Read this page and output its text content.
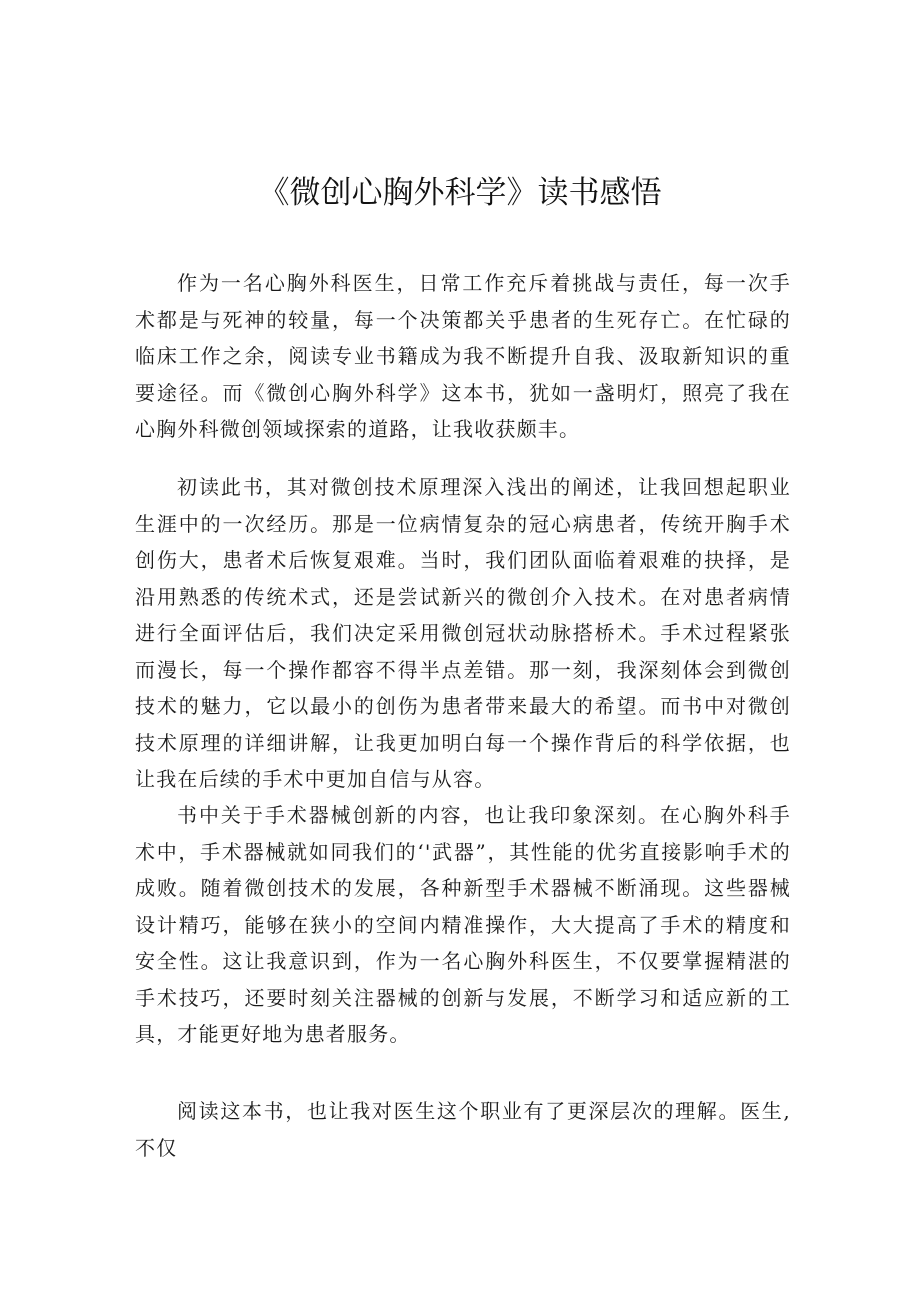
《微创心胸外科学》读书感悟

作为一名心胸外科医生，日常工作充斥着挑战与责任，每一次手术都是与死神的较量，每一个决策都关乎患者的生死存亡。在忙碌的临床工作之余，阅读专业书籍成为我不断提升自我、汲取新知识的重要途径。而《微创心胸外科学》这本书，犹如一盏明灯，照亮了我在心胸外科微创领域探索的道路，让我收获颇丰。

初读此书，其对微创技术原理深入浅出的阐述，让我回想起职业生涯中的一次经历。那是一位病情复杂的冠心病患者，传统开胸手术创伤大，患者术后恢复艰难。当时，我们团队面临着艰难的抉择，是沿用熟悉的传统术式，还是尝试新兴的微创介入技术。在对患者病情进行全面评估后，我们决定采用微创冠状动脉搭桥术。手术过程紧张而漫长，每一个操作都容不得半点差错。那一刻，我深刻体会到微创技术的魅力，它以最小的创伤为患者带来最大的希望。而书中对微创技术原理的详细讲解，让我更加明白每一个操作背后的科学依据，也让我在后续的手术中更加自信与从容。

书中关于手术器械创新的内容，也让我印象深刻。在心胸外科手术中，手术器械就如同我们的‘'武器”，其性能的优劣直接影响手术的成败。随着微创技术的发展，各种新型手术器械不断涌现。这些器械设计精巧，能够在狭小的空间内精准操作，大大提高了手术的精度和安全性。这让我意识到，作为一名心胸外科医生，不仅要掌握精湛的手术技巧，还要时刻关注器械的创新与发展，不断学习和适应新的工具，才能更好地为患者服务。

阅读这本书，也让我对医生这个职业有了更深层次的理解。医生,不仅
